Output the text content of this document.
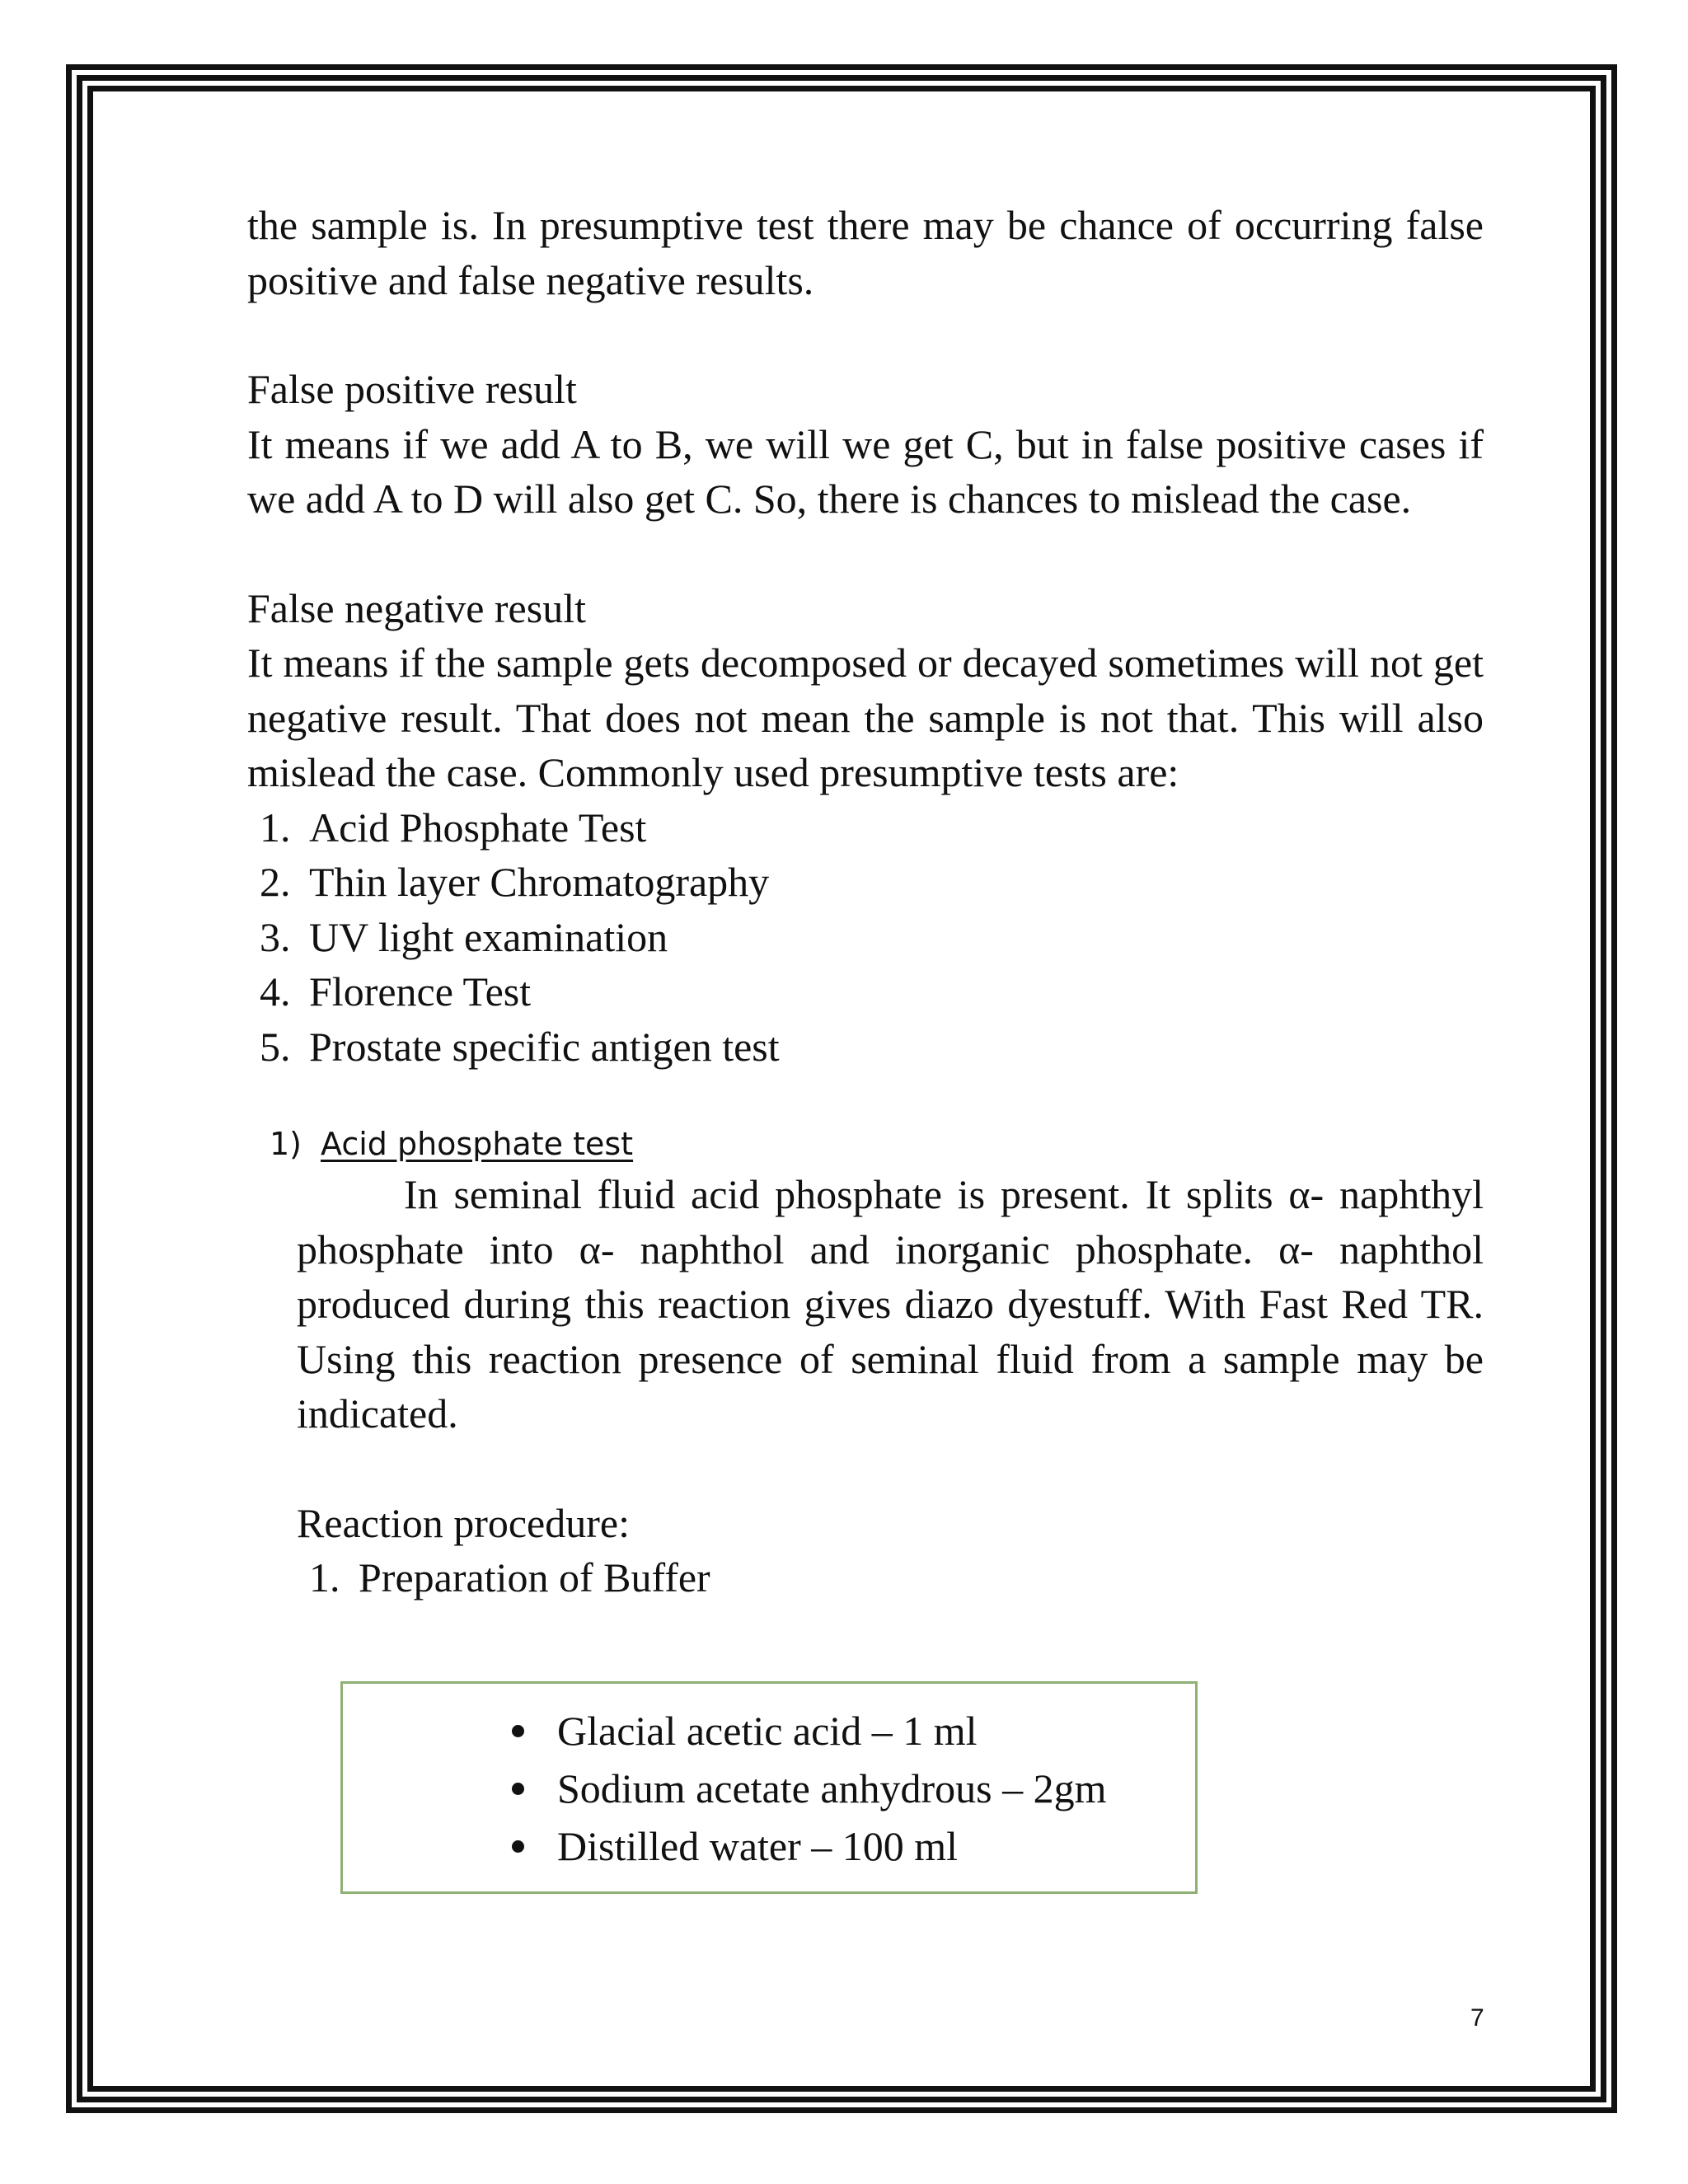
the sample is. In presumptive test there may be chance of occurring false positive and false negative results.

False positive result

It means if we add A to B, we will we get C, but in false positive cases if we add A to D will also get C. So, there is chances to mislead the case.

False negative result

It means if the sample gets decomposed or decayed sometimes will not get negative result. That does not mean the sample is not that. This will also mislead the case. Commonly used presumptive tests are:

1. Acid Phosphate Test
2. Thin layer Chromatography
3. UV light examination
4. Florence Test
5. Prostate specific antigen test
1) Acid phosphate test

In seminal fluid acid phosphate is present. It splits α- naphthyl phosphate into α- naphthol and inorganic phosphate. α- naphthol produced during this reaction gives diazo dyestuff. With Fast Red TR. Using this reaction presence of seminal fluid from a sample may be indicated.

Reaction procedure:

1. Preparation of Buffer
Glacial acetic acid – 1 ml
Sodium acetate anhydrous – 2gm
Distilled water – 100 ml
7
